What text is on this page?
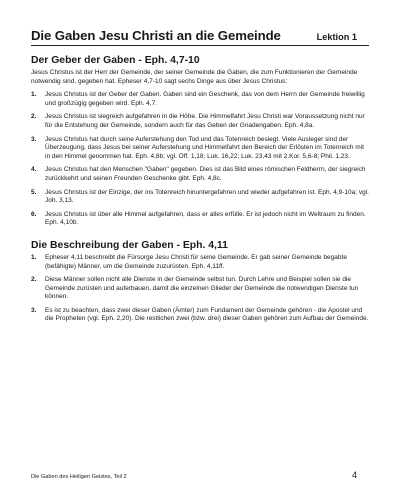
Die Gaben Jesu Christi an die Gemeinde	Lektion 1
Der Geber der Gaben - Eph. 4,7-10

Jesus Christus ist der Herr der Gemeinde, der seiner Gemeinde die Gaben, die zum Funktionieren der Gemeinde notwendig sind, gegeben hat. Epheser 4,7-10 sagt sechs Dinge aus über Jesus Christus:

1.	Jesus Christus ist der Geber der Gaben. Gaben sind ein Geschenk, das von dem Herrn der Gemeinde freiwillig und großzügig gegeben wird. Eph. 4,7.
2.	Jesus Christus ist siegreich aufgefahren in die Höhe. Die Himmelfahrt Jesu Christi war Voraussetzung nicht nur für die Entstehung der Gemeinde, sondern auch für das Geben der Gnadengaben. Eph. 4,8a.
3.	Jesus Christus hat durch seine Auferstehung den Tod und das Totenreich besiegt. Viele Ausleger sind der Überzeugung, dass Jesus bei seiner Auferstehung und Himmelfahrt den Bereich der Erlösten im Totenreich mit in den Himmel genommen hat. Eph. 4,8b; vgl. Off. 1,18; Luk. 16,22; Luk. 23,43 mit 2.Kor. 5,6-8; Phil. 1,23.
4.	Jesus Christus hat den Menschen "Gaben" gegeben. Dies ist das Bild eines römischen Feldherrn, der siegreich zurückkehrt und seinen Freunden Geschenke gibt. Eph. 4,8c.
5.	Jesus Christus ist der Einzige, der ins Totenreich hinuntergefahren und wieder aufgefahren ist. Eph. 4,9-10a; vgl. Joh. 3,13.
6.	Jesus Christus ist über alle Himmel aufgefahren, dass er alles erfülle. Er ist jedoch nicht im Weltraum zu finden. Eph. 4,10b.
Die Beschreibung der Gaben - Eph. 4,11
1.	Epheser 4,11 beschreibt die Fürsorge Jesu Christi für seine Gemeinde. Er gab seiner Gemeinde begabte (befähigte) Männer, um die Gemeinde zuzurüsten. Eph. 4,11ff.
2.	Diese Männer sollen nicht alle Dienste in der Gemeinde selbst tun. Durch Lehre und Beispiel sollen sie die Gemeinde zurüsten und auferbauen, damit die einzelnen Glieder der Gemeinde die notwendigen Dienste tun können.
3.	Es ist zu beachten, dass zwei dieser Gaben (Ämter) zum Fundament der Gemeinde gehören - die Apostel und die Propheten (vgl. Eph. 2,20). Die restlichen zwei (bzw. drei) dieser Gaben gehören zum Aufbau der Gemeinde.
Die Gaben des Heiligen Geistes, Teil 2	4
